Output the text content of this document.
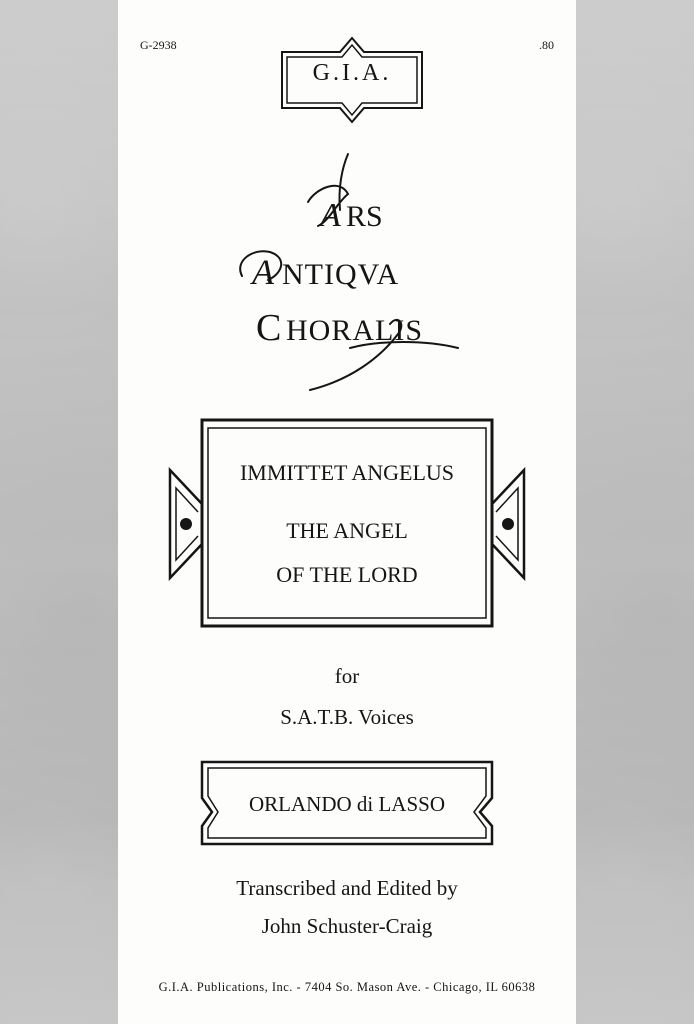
G-2938	.80
G.I.A.
A RS
A NTIQVA
C HORALIS
IMMITTET ANGELUS
THE ANGEL
OF THE LORD
for
S.A.T.B. Voices
ORLANDO di LASSO
Transcribed and Edited by
John Schuster-Craig
G.I.A. Publications, Inc. - 7404 So. Mason Ave. - Chicago, IL 60638
